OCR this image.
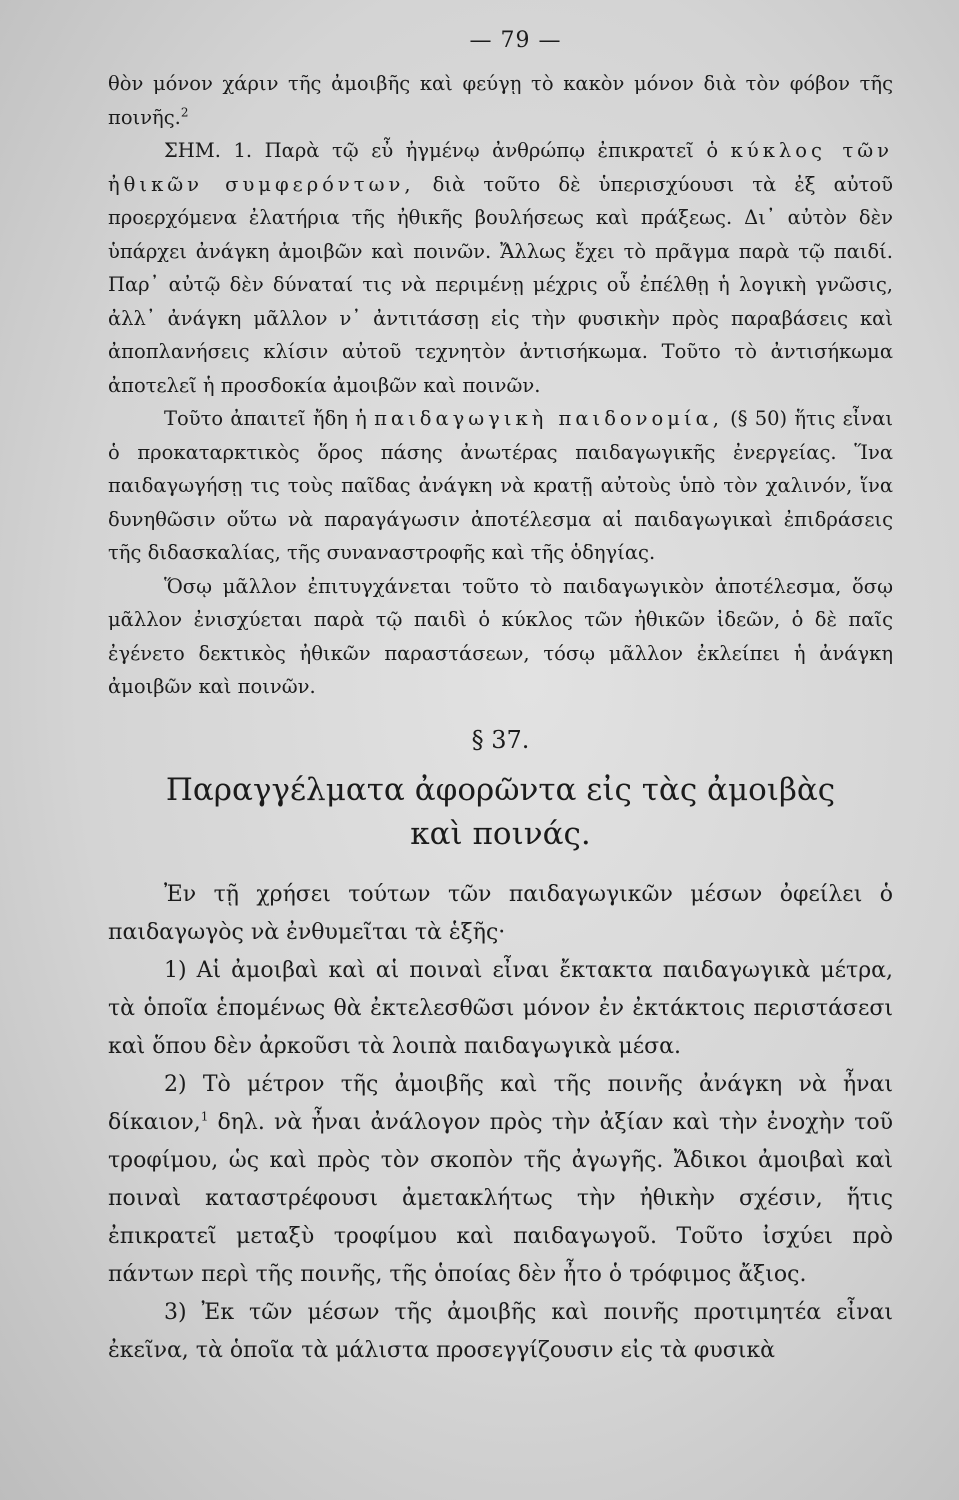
— 79 —

θὸν μόνον χάριν τῆς ἀμοιβῆς καὶ φεύγῃ τὸ κακὸν μόνον διὰ τὸν φόβον τῆς ποινῆς.$^2$

ΣΗΜ. 1. Παρὰ τῷ εὖ ἠγμένῳ ἀνθρώπῳ ἐπικρατεῖ ὁ κύκλος τῶν ἠθικῶν συμφερόντων, διὰ τοῦτο δὲ ὑπερισχύουσι τὰ ἐξ αὐτοῦ προερχόμενα ἐλατήρια τῆς ἠθικῆς βουλήσεως καὶ πράξεως. Δι᾿ αὐτὸν δὲν ὑπάρχει ἀνάγκη ἀμοιβῶν καὶ ποινῶν. Ἄλλως ἔχει τὸ πρᾶγμα παρὰ τῷ παιδί. Παρ᾿ αὐτῷ δὲν δύναταί τις νὰ περιμένῃ μέχρις οὗ ἐπέλθῃ ἡ λογικὴ γνῶσις, ἀλλ᾿ ἀνάγκη μᾶλλον ν᾿ ἀντιτάσσῃ εἰς τὴν φυσικὴν πρὸς παραβάσεις καὶ ἀποπλανήσεις κλίσιν αὐτοῦ τεχνητὸν ἀντισήκωμα. Τοῦτο τὸ ἀντισήκωμα ἀποτελεῖ ἡ προσδοκία ἀμοιβῶν καὶ ποινῶν.

Τοῦτο ἀπαιτεῖ ἤδη ἡ παιδαγωγικὴ παιδονομία, (§ 50) ἥτις εἶναι ὁ προκαταρκτικὸς ὅρος πάσης ἀνωτέρας παιδαγωγικῆς ἐνεργείας. Ἵνα παιδαγωγήσῃ τις τοὺς παῖδας ἀνάγκη νὰ κρατῇ αὐτοὺς ὑπὸ τὸν χαλινόν, ἵνα δυνηθῶσιν οὕτω νὰ παραγάγωσιν ἀποτέλεσμα αἱ παιδαγωγικαὶ ἐπιδράσεις τῆς διδασκαλίας, τῆς συναναστροφῆς καὶ τῆς ὁδηγίας.

Ὅσῳ μᾶλλον ἐπιτυγχάνεται τοῦτο τὸ παιδαγωγικὸν ἀποτέλεσμα, ὅσῳ μᾶλλον ἐνισχύεται παρὰ τῷ παιδὶ ὁ κύκλος τῶν ἠθικῶν ἰδεῶν, ὁ δὲ παῖς ἐγένετο δεκτικὸς ἠθικῶν παραστάσεων, τόσῳ μᾶλλον ἐκλείπει ἡ ἀνάγκη ἀμοιβῶν καὶ ποινῶν.

§ 37.
Παραγγέλματα ἀφορῶντα εἰς τὰς ἀμοιβὰς
καὶ ποινάς.

Ἐν τῇ χρήσει τούτων τῶν παιδαγωγικῶν μέσων ὀφείλει ὁ παιδαγωγὸς νὰ ἐνθυμεῖται τὰ ἑξῆς·

1) Αἱ ἀμοιβαὶ καὶ αἱ ποιναὶ εἶναι ἔκτακτα παιδαγωγικὰ μέτρα, τὰ ὁποῖα ἑπομένως θὰ ἐκτελεσθῶσι μόνον ἐν ἐκτάκτοις περιστάσεσι καὶ ὅπου δὲν ἀρκοῦσι τὰ λοιπὰ παιδαγωγικὰ μέσα.

2) Τὸ μέτρον τῆς ἀμοιβῆς καὶ τῆς ποινῆς ἀνάγκη νὰ ἦναι δίκαιον,$^1$ δηλ. νὰ ἦναι ἀνάλογον πρὸς τὴν ἀξίαν καὶ τὴν ἐνοχὴν τοῦ τροφίμου, ὡς καὶ πρὸς τὸν σκοπὸν τῆς ἀγωγῆς. Ἄδικοι ἀμοιβαὶ καὶ ποιναὶ καταστρέφουσι ἀμετακλήτως τὴν ἠθικὴν σχέσιν, ἥτις ἐπικρατεῖ μεταξὺ τροφίμου καὶ παιδαγωγοῦ. Τοῦτο ἰσχύει πρὸ πάντων περὶ τῆς ποινῆς, τῆς ὁποίας δὲν ἦτο ὁ τρόφιμος ἄξιος.

3) Ἐκ τῶν μέσων τῆς ἀμοιβῆς καὶ ποινῆς προτιμητέα εἶναι ἐκεῖνα, τὰ ὁποῖα τὰ μάλιστα προσεγγίζουσιν εἰς τὰ φυσικὰ
